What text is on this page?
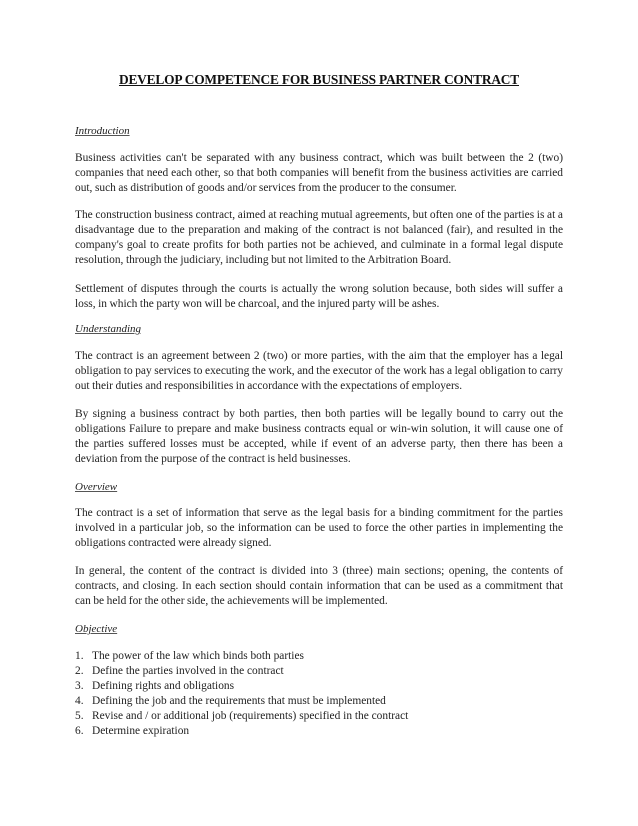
DEVELOP COMPETENCE FOR BUSINESS PARTNER CONTRACT
Introduction

Business activities can't be separated with any business contract, which was built between the 2 (two) companies that need each other, so that both companies will benefit from the business activities are carried out, such as distribution of goods and/or services from the producer to the consumer.

The construction business contract, aimed at reaching mutual agreements, but often one of the parties is at a disadvantage due to the preparation and making of the contract is not balanced (fair), and resulted in the company's goal to create profits for both parties not be achieved, and culminate in a formal legal dispute resolution, through the judiciary, including but not limited to the Arbitration Board.

Settlement of disputes through the courts is actually the wrong solution because, both sides will suffer a loss, in which the party won will be charcoal, and the injured party will be ashes.

Understanding

The contract is an agreement between 2 (two) or more parties, with the aim that the employer has a legal obligation to pay services to executing the work, and the executor of the work has a legal obligation to carry out their duties and responsibilities in accordance with the expectations of employers.

By signing a business contract by both parties, then both parties will be legally bound to carry out the obligations Failure to prepare and make business contracts equal or win-win solution, it will cause one of the parties suffered losses must be accepted, while if event of an adverse party, then there has been a deviation from the purpose of the contract is held businesses.

Overview

The contract is a set of information that serve as the legal basis for a binding commitment for the parties involved in a particular job, so the information can be used to force the other parties in implementing the obligations contracted were already signed.

In general, the content of the contract is divided into 3 (three) main sections; opening, the contents of contracts, and closing. In each section should contain information that can be used as a commitment that can be held for the other side, the achievements will be implemented.

Objective
1. The power of the law which binds both parties
2. Define the parties involved in the contract
3. Defining rights and obligations
4. Defining the job and the requirements that must be implemented
5. Revise and / or additional job (requirements) specified in the contract
6. Determine expiration
